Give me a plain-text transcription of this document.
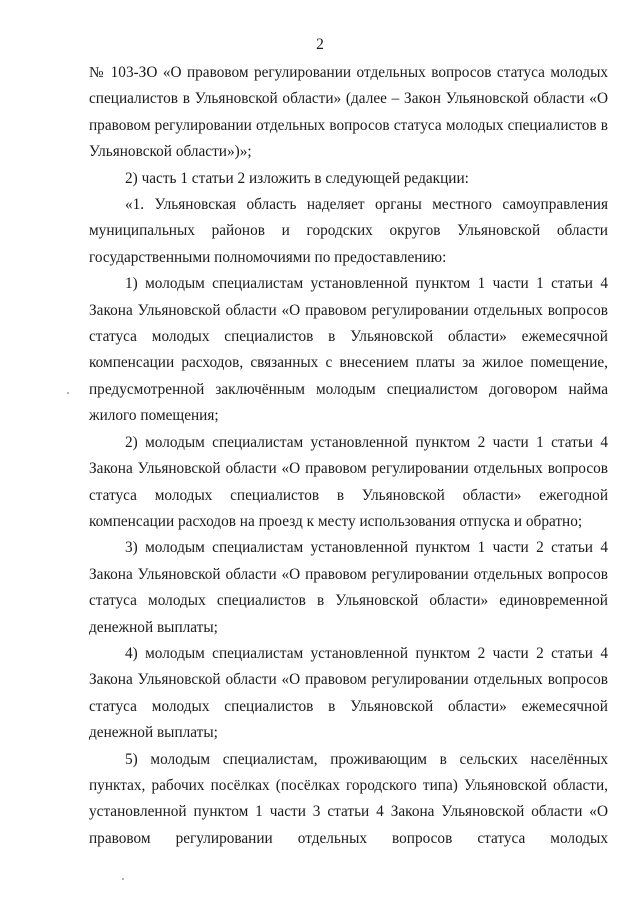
2

№ 103-ЗО «О правовом регулировании отдельных вопросов статуса молодых специалистов в Ульяновской области» (далее – Закон Ульяновской области «О правовом регулировании отдельных вопросов статуса молодых специалистов в Ульяновской области»)»;

2) часть 1 статьи 2 изложить в следующей редакции:

«1. Ульяновская область наделяет органы местного самоуправления муниципальных районов и городских округов Ульяновской области государственными полномочиями по предоставлению:

1) молодым специалистам установленной пунктом 1 части 1 статьи 4 Закона Ульяновской области «О правовом регулировании отдельных вопросов статуса молодых специалистов в Ульяновской области» ежемесячной компенсации расходов, связанных с внесением платы за жилое помещение, предусмотренной заключённым молодым специалистом договором найма жилого помещения;

2) молодым специалистам установленной пунктом 2 части 1 статьи 4 Закона Ульяновской области «О правовом регулировании отдельных вопросов статуса молодых специалистов в Ульяновской области» ежегодной компенсации расходов на проезд к месту использования отпуска и обратно;

3) молодым специалистам установленной пунктом 1 части 2 статьи 4 Закона Ульяновской области «О правовом регулировании отдельных вопросов статуса молодых специалистов в Ульяновской области» единовременной денежной выплаты;

4) молодым специалистам установленной пунктом 2 части 2 статьи 4 Закона Ульяновской области «О правовом регулировании отдельных вопросов статуса молодых специалистов в Ульяновской области» ежемесячной денежной выплаты;

5) молодым специалистам, проживающим в сельских населённых пунктах, рабочих посёлках (посёлках городского типа) Ульяновской области, установленной пунктом 1 части 3 статьи 4 Закона Ульяновской области «О правовом регулировании отдельных вопросов статуса молодых
